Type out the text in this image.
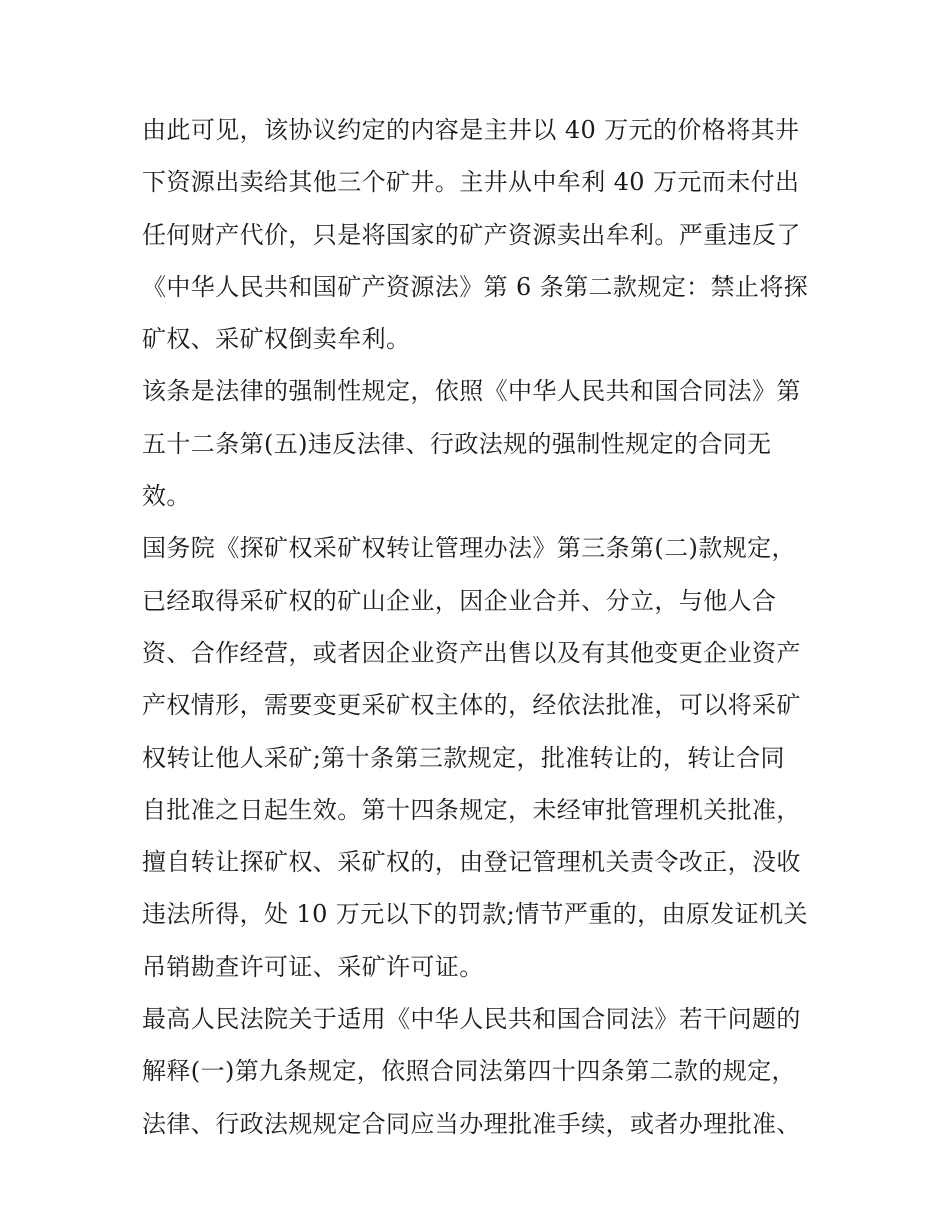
由此可见，该协议约定的内容是主井以 40 万元的价格将其井
下资源出卖给其他三个矿井。主井从中牟利 40 万元而未付出
任何财产代价，只是将国家的矿产资源卖出牟利。严重违反了
《中华人民共和国矿产资源法》第 6 条第二款规定：禁止将探
矿权、采矿权倒卖牟利。
该条是法律的强制性规定，依照《中华人民共和国合同法》第
五十二条第(五)违反法律、行政法规的强制性规定的合同无
效。
国务院《探矿权采矿权转让管理办法》第三条第(二)款规定，
已经取得采矿权的矿山企业，因企业合并、分立，与他人合
资、合作经营，或者因企业资产出售以及有其他变更企业资产
产权情形，需要变更采矿权主体的，经依法批准，可以将采矿
权转让他人采矿;第十条第三款规定，批准转让的，转让合同
自批准之日起生效。第十四条规定，未经审批管理机关批准，
擅自转让探矿权、采矿权的，由登记管理机关责令改正，没收
违法所得，处 10 万元以下的罚款;情节严重的，由原发证机关
吊销勘查许可证、采矿许可证。
最高人民法院关于适用《中华人民共和国合同法》若干问题的
解释(一)第九条规定，依照合同法第四十四条第二款的规定，
法律、行政法规规定合同应当办理批准手续，或者办理批准、
